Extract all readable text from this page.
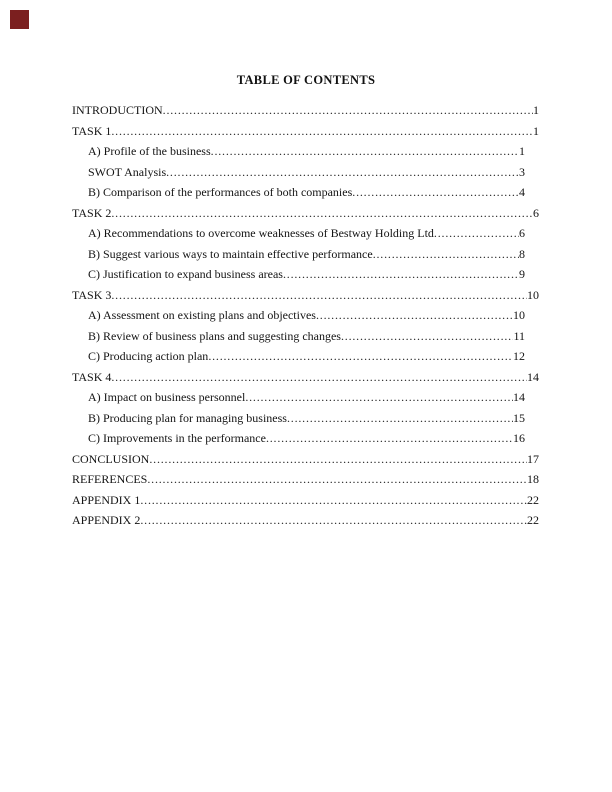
TABLE OF CONTENTS
INTRODUCTION .....	1
TASK 1 .....	1
A) Profile of the business .....	1
SWOT Analysis .....	3
B) Comparison of the performances of both companies .....	4
TASK 2 .....	6
A) Recommendations to overcome weaknesses of Bestway Holding Ltd .....	6
B) Suggest various ways to maintain effective performance .....	8
C) Justification to expand business areas .....	9
TASK 3 .....	10
A) Assessment on existing plans and objectives .....	10
B) Review of business plans and suggesting changes .....	11
C) Producing action plan .....	12
TASK 4 .....	14
A) Impact on business personnel .....	14
B) Producing plan for managing business .....	15
C) Improvements in the performance .....	16
CONCLUSION .....	17
REFERENCES .....	18
APPENDIX 1 .....	22
APPENDIX 2 .....	22
